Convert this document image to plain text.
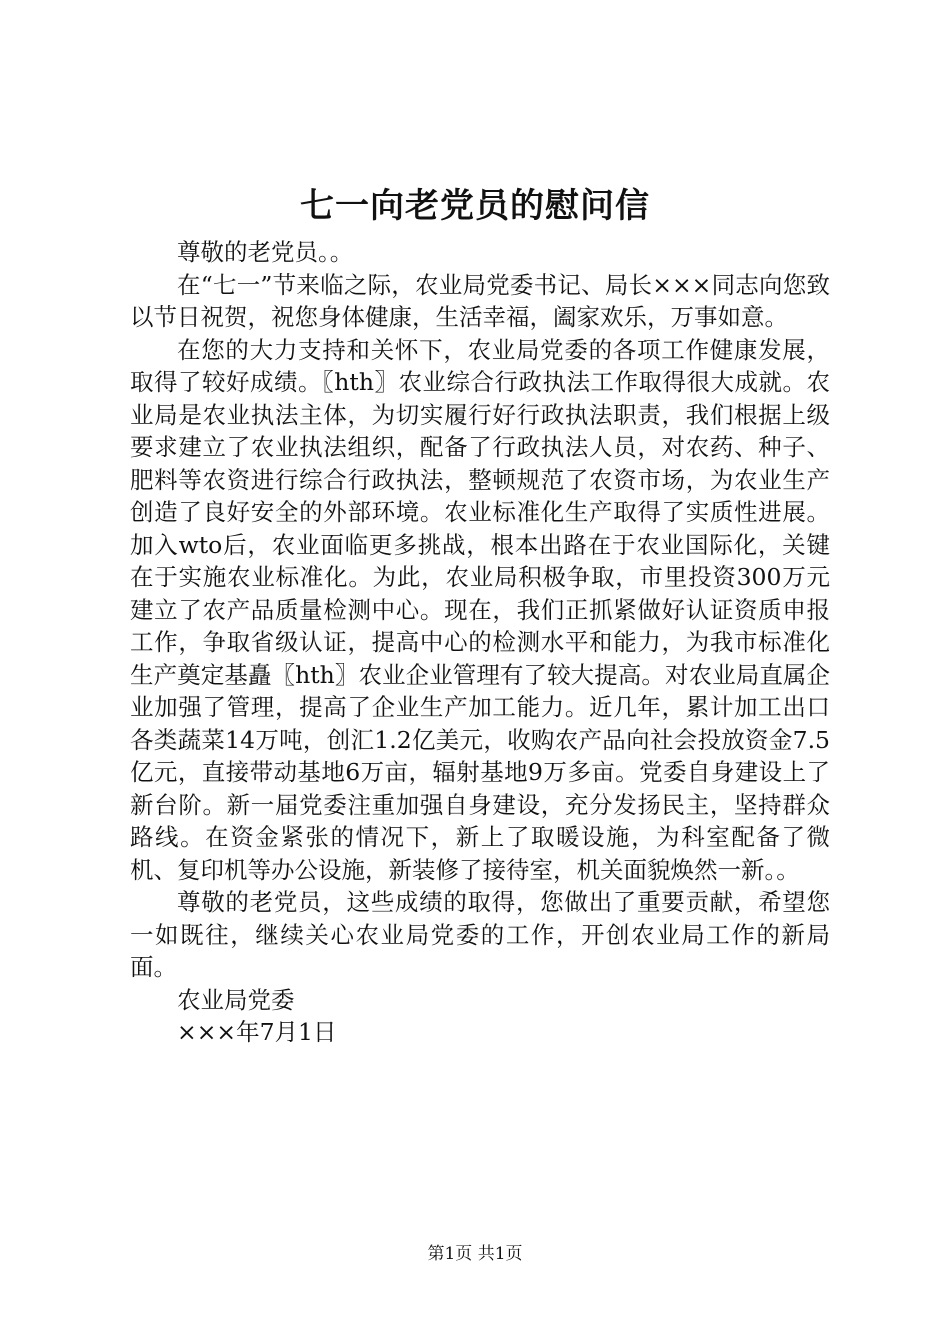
七一向老党员的慰问信

尊敬的老党员。。

在“七一”节来临之际，农业局党委书记、局长×××同志向您致以节日祝贺，祝您身体健康，生活幸福，阖家欢乐，万事如意。

在您的大力支持和关怀下，农业局党委的各项工作健康发展，取得了较好成绩。〖hth〗农业综合行政执法工作取得很大成就。农业局是农业执法主体，为切实履行好行政执法职责，我们根据上级要求建立了农业执法组织，配备了行政执法人员，对农药、种子、肥料等农资进行综合行政执法，整顿规范了农资市场，为农业生产创造了良好安全的外部环境。农业标准化生产取得了实质性进展。加入wto后，农业面临更多挑战，根本出路在于农业国际化，关键在于实施农业标准化。为此，农业局积极争取，市里投资300万元建立了农产品质量检测中心。现在，我们正抓紧做好认证资质申报工作，争取省级认证，提高中心的检测水平和能力，为我市标准化生产奠定基矗〖hth〗农业企业管理有了较大提高。对农业局直属企业加强了管理，提高了企业生产加工能力。近几年，累计加工出口各类蔬菜14万吨，创汇1.2亿美元，收购农产品向社会投放资金7.5亿元，直接带动基地6万亩，辐射基地9万多亩。党委自身建设上了新台阶。新一届党委注重加强自身建设，充分发扬民主，坚持群众路线。在资金紧张的情况下，新上了取暖设施，为科室配备了微机、复印机等办公设施，新装修了接待室，机关面貌焕然一新。。

尊敬的老党员，这些成绩的取得，您做出了重要贡献，希望您一如既往，继续关心农业局党委的工作，开创农业局工作的新局面。

农业局党委

×××年7月1日

第1页 共1页
